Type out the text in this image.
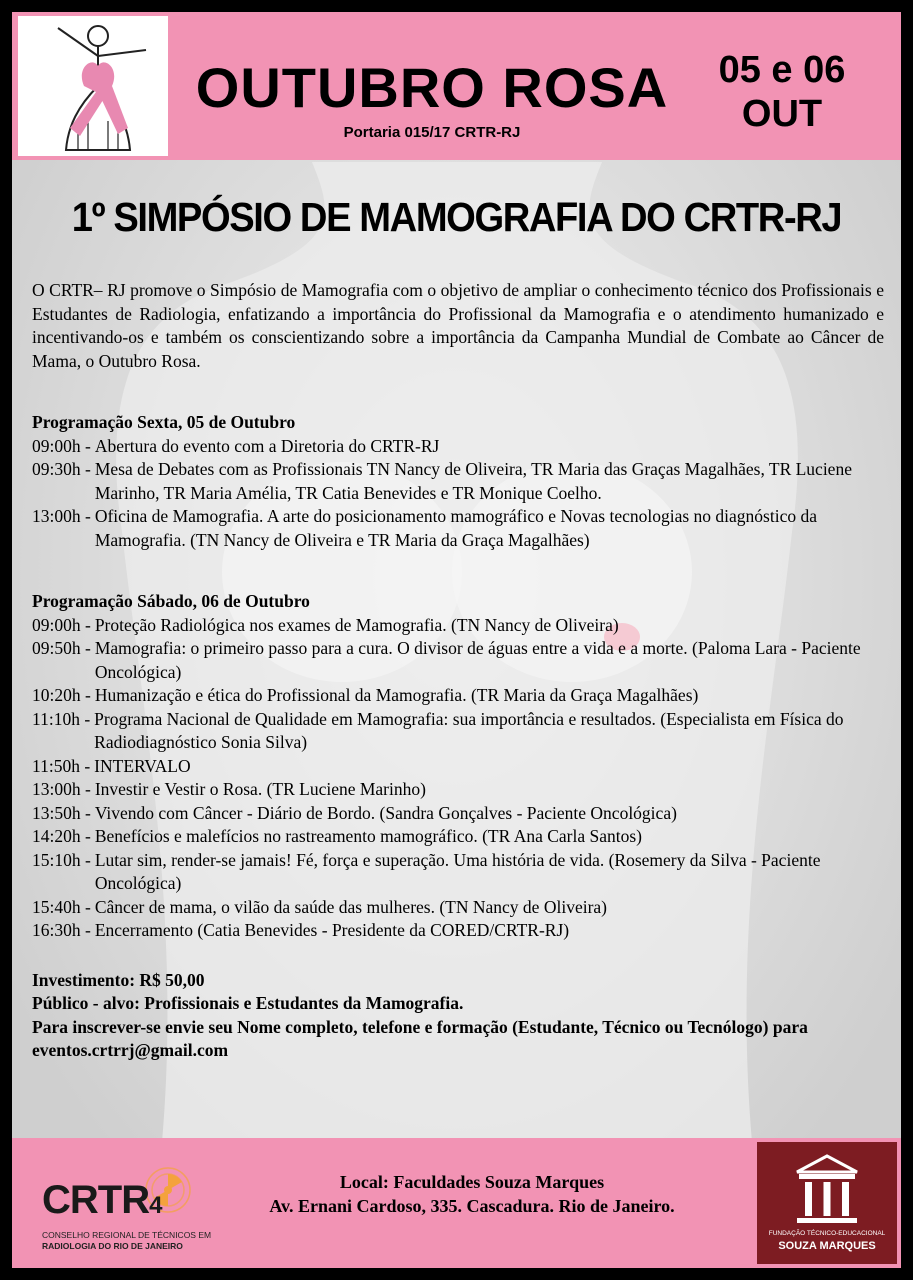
OUTUBRO ROSA
Portaria 015/17 CRTR-RJ
05 e 06
OUT
1º SIMPÓSIO DE MAMOGRAFIA DO CRTR-RJ

O CRTR– RJ promove o Simpósio de Mamografia com o objetivo de ampliar o conhecimento técnico dos Profissionais e Estudantes de Radiologia, enfatizando a importância do Profissional da Mamografia e o atendimento humanizado e incentivando-os e também os conscientizando sobre a importância da Campanha Mundial de Combate ao Câncer de Mama, o Outubro Rosa.

Programação Sexta, 05 de Outubro
09:00h - Abertura do evento com a Diretoria do CRTR-RJ
09:30h - Mesa de Debates com as Profissionais TN Nancy de Oliveira, TR Maria das Graças Magalhães, TR Luciene Marinho, TR Maria Amélia, TR Catia Benevides e TR Monique Coelho.
13:00h - Oficina de Mamografia. A arte do posicionamento mamográfico e Novas tecnologias no diagnóstico da Mamografia. (TN Nancy de Oliveira e TR Maria da Graça Magalhães)
Programação Sábado, 06 de Outubro
09:00h - Proteção Radiológica nos exames de Mamografia. (TN Nancy de Oliveira)
09:50h - Mamografia: o primeiro passo para a cura. O divisor de águas entre a vida e a morte. (Paloma Lara - Paciente Oncológica)
10:20h - Humanização e ética do Profissional da Mamografia. (TR Maria da Graça Magalhães)
11:10h - Programa Nacional de Qualidade em Mamografia: sua importância e resultados. (Especialista em Física do Radiodiagnóstico Sonia Silva)
11:50h - INTERVALO
13:00h - Investir e Vestir o Rosa. (TR Luciene Marinho)
13:50h - Vivendo com Câncer - Diário de Bordo. (Sandra Gonçalves - Paciente Oncológica)
14:20h - Benefícios e malefícios no rastreamento mamográfico. (TR Ana Carla Santos)
15:10h - Lutar sim, render-se jamais! Fé, força e superação. Uma história de vida. (Rosemery da Silva - Paciente Oncológica)
15:40h - Câncer de mama, o vilão da saúde das mulheres. (TN Nancy de Oliveira)
16:30h - Encerramento (Catia Benevides - Presidente da CORED/CRTR-RJ)
Investimento: R$ 50,00
Público - alvo: Profissionais e Estudantes da Mamografia.
Para inscrever-se envie seu Nome completo, telefone e formação (Estudante, Técnico ou Tecnólogo) para eventos.crtrrj@gmail.com
CRTR4
CONSELHO REGIONAL DE TÉCNICOS EM
RADIOLOGIA DO RIO DE JANEIRO
Local: Faculdades Souza Marques
Av. Ernani Cardoso, 335. Cascadura. Rio de Janeiro.
FUNDAÇÃO TÉCNICO-EDUCACIONAL
SOUZA MARQUES
